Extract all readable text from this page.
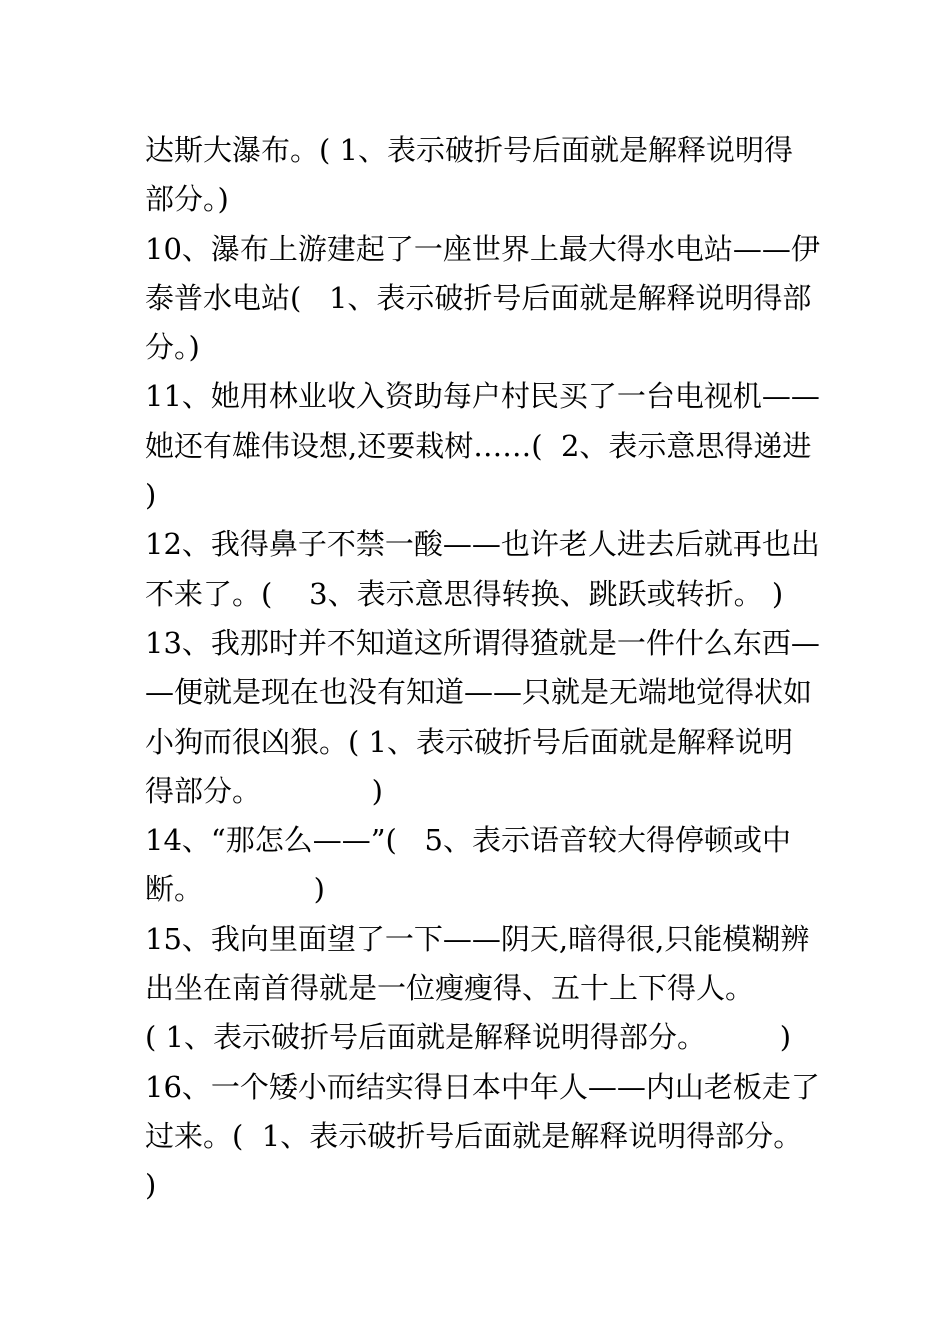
达斯大瀑布。( 1、表示破折号后面就是解释说明得
部分。)
10、瀑布上游建起了一座世界上最大得水电站——伊
泰普水电站(   1、表示破折号后面就是解释说明得部
分。)
11、她用林业收入资助每户村民买了一台电视机——
她还有雄伟设想,还要栽树……(  2、表示意思得递进
)
12、我得鼻子不禁一酸——也许老人进去后就再也出
不来了。(    3、表示意思得转换、跳跃或转折。 )
13、我那时并不知道这所谓得猹就是一件什么东西—
—便就是现在也没有知道——只就是无端地觉得状如
小狗而很凶狠。( 1、表示破折号后面就是解释说明
得部分。            )
14、“那怎么——”(   5、表示语音较大得停顿或中
断。            )
15、我向里面望了一下——阴天,暗得很,只能模糊辨
出坐在南首得就是一位瘦瘦得、五十上下得人。
( 1、表示破折号后面就是解释说明得部分。        )
16、一个矮小而结实得日本中年人——内山老板走了
过来。(  1、表示破折号后面就是解释说明得部分。
)
